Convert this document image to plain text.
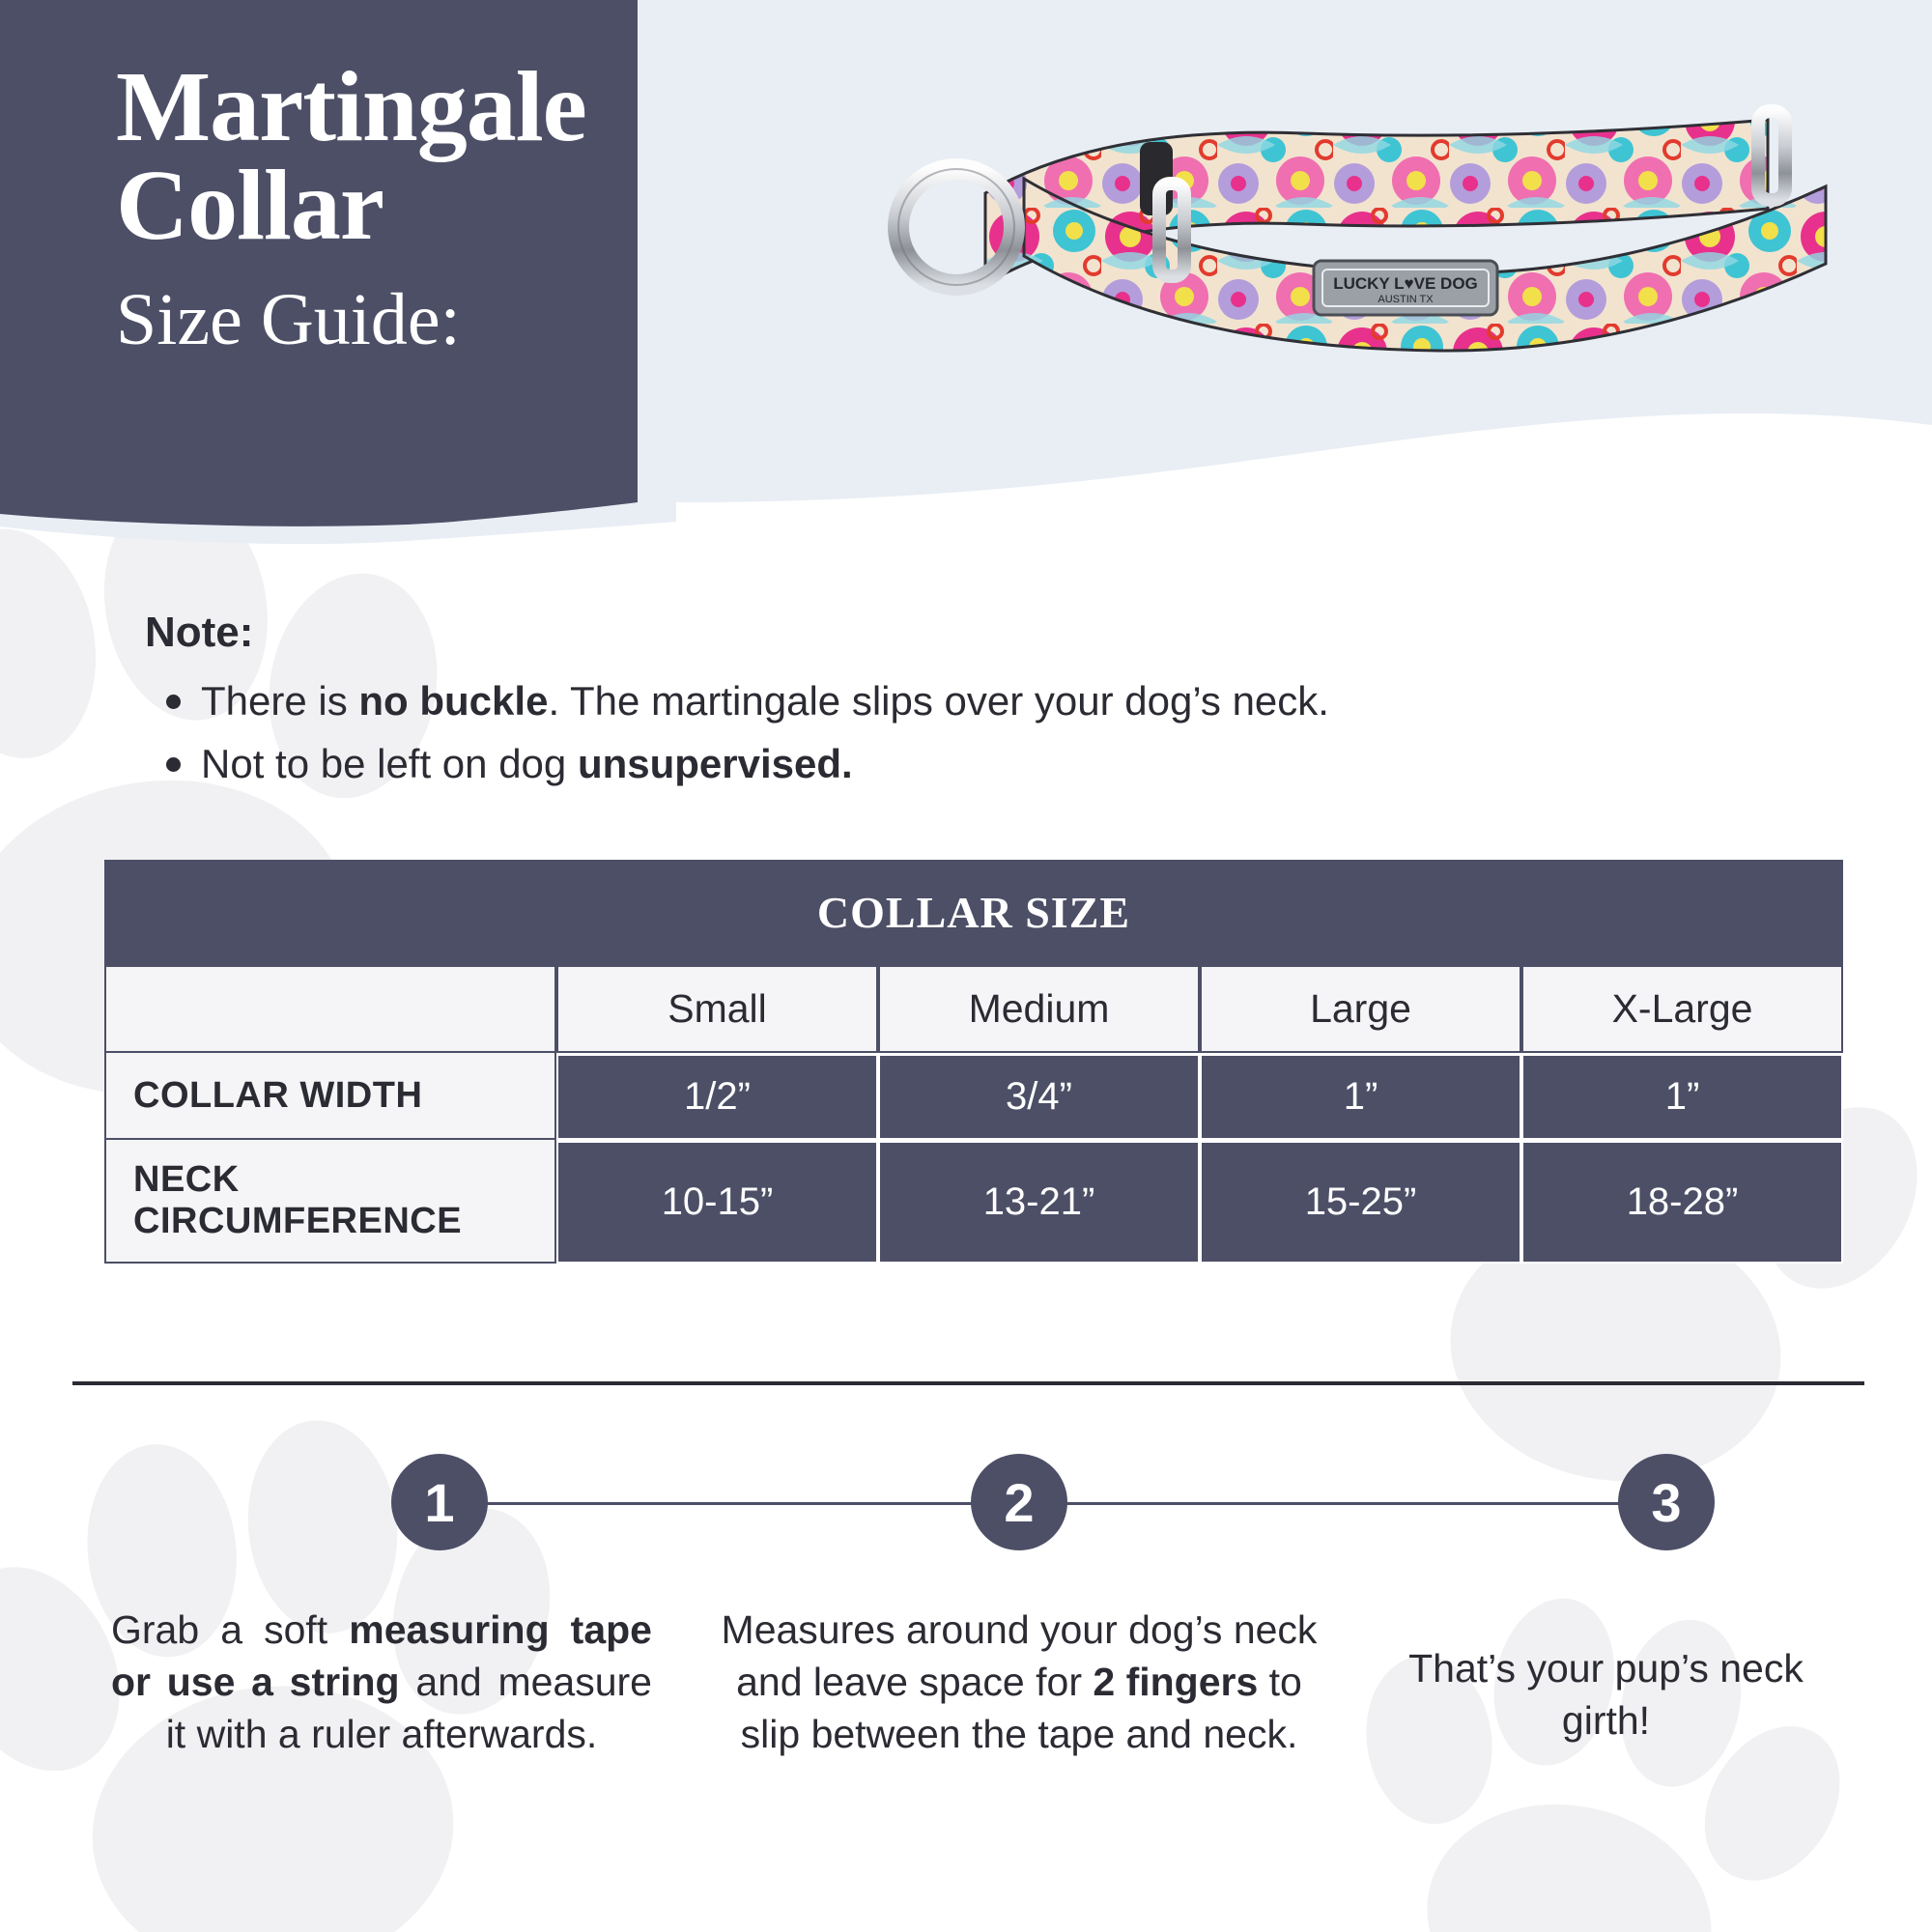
Martingale
Collar
Size Guide:	LUCKY L♥VE DOG
AUSTIN TX
Note:
There is no buckle. The martingale slips over your dog’s neck.
Not to be left on dog unsupervised.
COLLAR SIZE				
	Small	Medium	Large	X-Large
COLLAR WIDTH	1/2”	3/4”	1”	1”
NECK CIRCUMFERENCE	10-15”	13-21”	15-25”	18-28”
1	2	3
Grab a soft measuring tape or use a string and measure it with a ruler afterwards.
Measures around your dog’s neck and leave space for 2 fingers to slip between the tape and neck.
That’s your pup’s neck girth!
